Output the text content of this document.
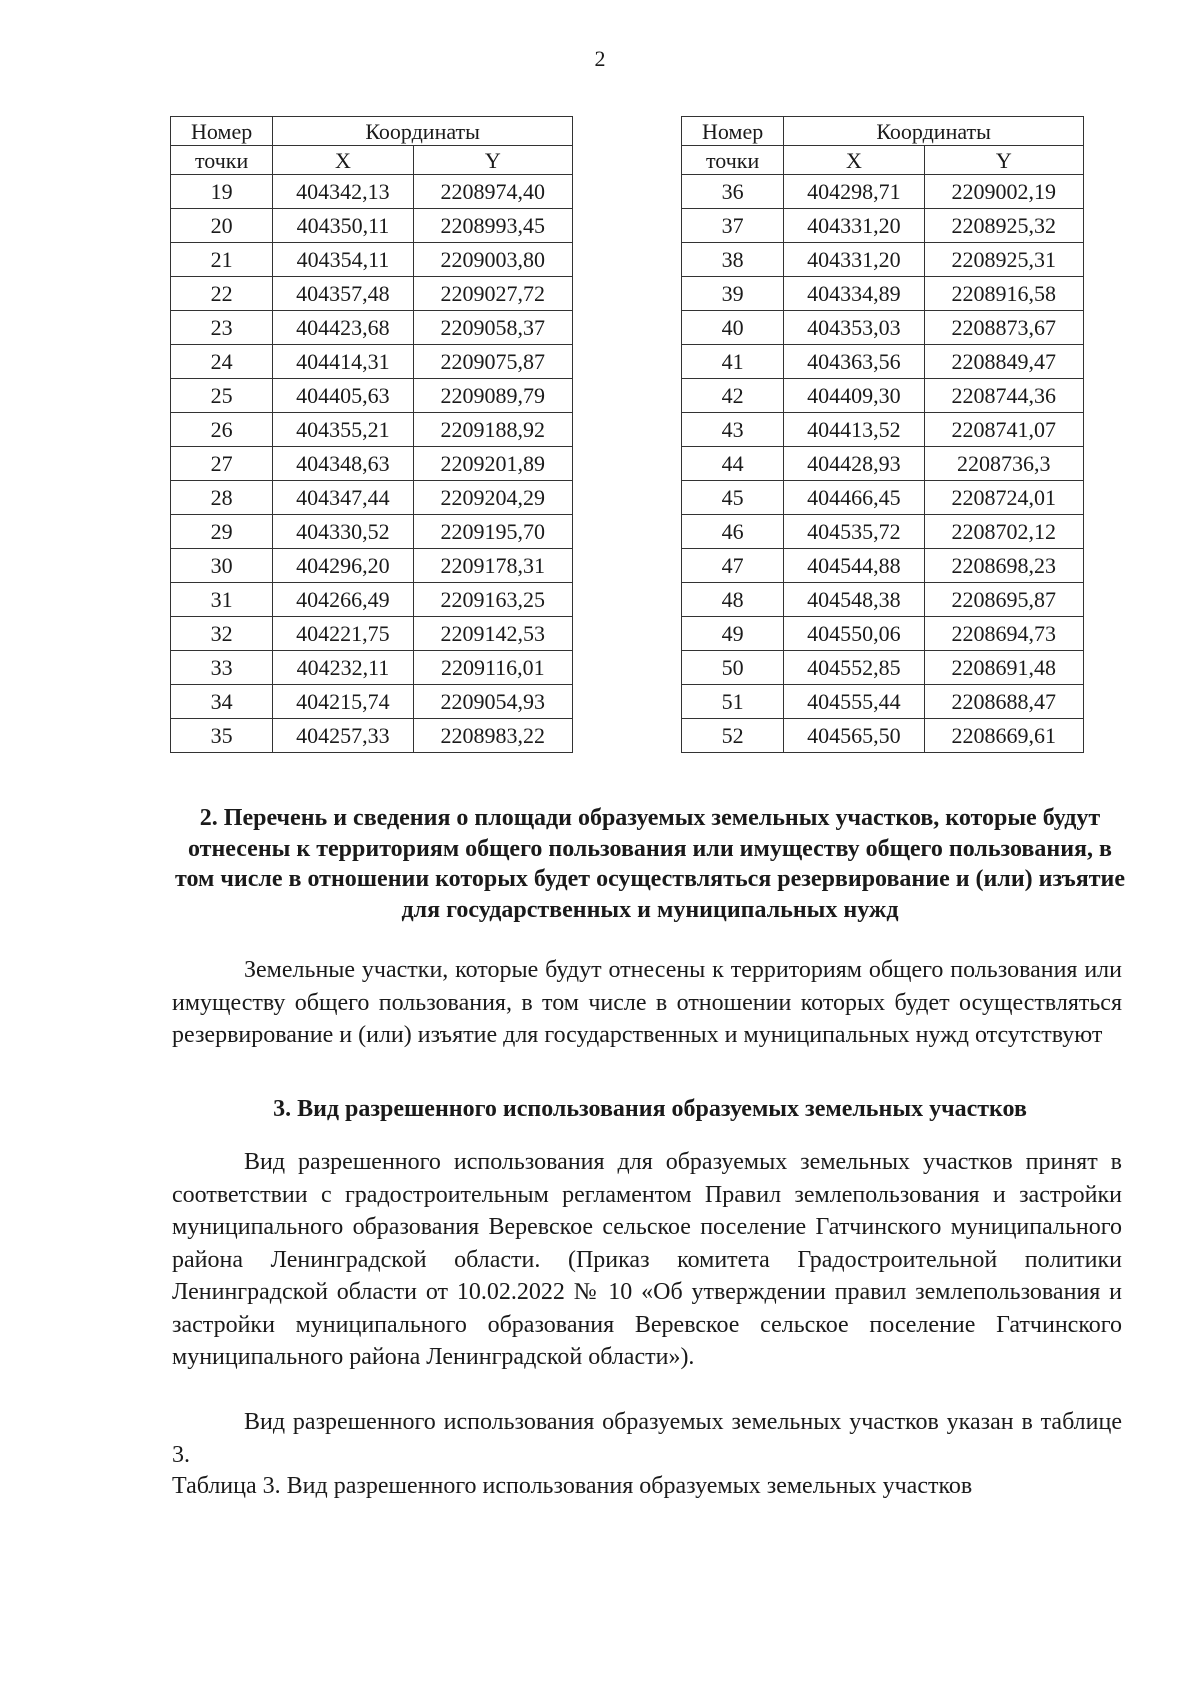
2
Номер	Координаты	
точки	X	Y
19	404342,13	2208974,40
20	404350,11	2208993,45
21	404354,11	2209003,80
22	404357,48	2209027,72
23	404423,68	2209058,37
24	404414,31	2209075,87
25	404405,63	2209089,79
26	404355,21	2209188,92
27	404348,63	2209201,89
28	404347,44	2209204,29
29	404330,52	2209195,70
30	404296,20	2209178,31
31	404266,49	2209163,25
32	404221,75	2209142,53
33	404232,11	2209116,01
34	404215,74	2209054,93
35	404257,33	2208983,22
Номер	Координаты	
точки	X	Y
36	404298,71	2209002,19
37	404331,20	2208925,32
38	404331,20	2208925,31
39	404334,89	2208916,58
40	404353,03	2208873,67
41	404363,56	2208849,47
42	404409,30	2208744,36
43	404413,52	2208741,07
44	404428,93	2208736,3
45	404466,45	2208724,01
46	404535,72	2208702,12
47	404544,88	2208698,23
48	404548,38	2208695,87
49	404550,06	2208694,73
50	404552,85	2208691,48
51	404555,44	2208688,47
52	404565,50	2208669,61
2. Перечень и сведения о площади образуемых земельных участков, которые будут отнесены к территориям общего пользования или имуществу общего пользования, в том числе в отношении которых будет осуществляться резервирование и (или) изъятие для государственных и муниципальных нужд
Земельные участки, которые будут отнесены к территориям общего пользования или имуществу общего пользования, в том числе в отношении которых будет осуществляться резервирование и (или) изъятие для государственных и муниципальных нужд отсутствуют
3. Вид разрешенного использования образуемых земельных участков
Вид разрешенного использования для образуемых земельных участков принят в соответствии с градостроительным регламентом Правил землепользования и застройки муниципального образования Веревское сельское поселение Гатчинского муниципального района Ленинградской области. (Приказ комитета Градостроительной политики Ленинградской области от 10.02.2022 № 10 «Об утверждении правил землепользования и застройки муниципального образования Веревское сельское поселение Гатчинского муниципального района Ленинградской области»).
Вид разрешенного использования образуемых земельных участков указан в таблице 3.
Таблица 3. Вид разрешенного использования образуемых земельных участков
